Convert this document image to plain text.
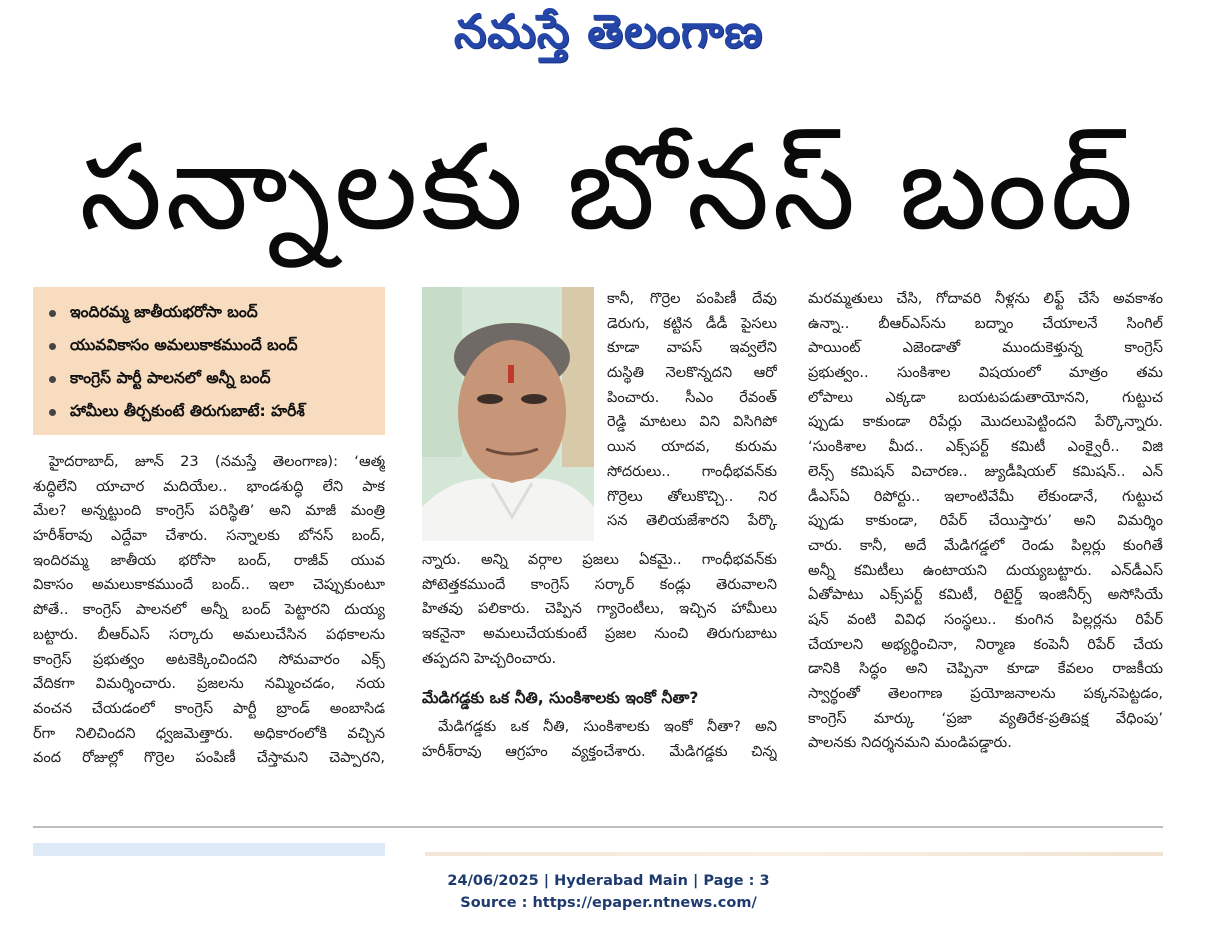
నమస్తే తెలంగాణ
సన్నాలకు బోనస్ బంద్
ఇందిరమ్మ జాతీయభరోసా బంద్
యువవికాసం అమలుకాకముందే బంద్
కాంగ్రెస్ పార్టీ పాలనలో అన్నీ బంద్
హామీలు తీర్చకుంటే తిరుగుబాటే: హరీశ్
హైదరాబాద్, జూన్ 23 (నమస్తే తెలంగాణ): ‘ఆత్మ
శుద్ధిలేని యాచార మదియేల.. భాండశుద్ధి లేని పాక
మేల? అన్నట్టుంది కాంగ్రెస్ పరిస్థితి’ అని మాజీ మంత్రి
హరీశ్‌రావు ఎద్దేవా చేశారు. సన్నాలకు బోనస్ బంద్,
ఇందిరమ్మ జాతీయ భరోసా బంద్, రాజీవ్ యువ
వికాసం అమలుకాకముందే బంద్.. ఇలా చెప్పుకుంటూ
పోతే.. కాంగ్రెస్ పాలనలో అన్నీ బంద్ పెట్టారని దుయ్య
బట్టారు. బీఆర్‌ఎస్ సర్కారు అమలుచేసిన పథకాలను
కాంగ్రెస్ ప్రభుత్వం అటకెక్కించిందని సోమవారం ఎక్స్
వేదికగా విమర్శించారు. ప్రజలను నమ్మించడం, నయ
వంచన చేయడంలో కాంగ్రెస్ పార్టీ బ్రాండ్ అంబాసిడ
ర్‌గా నిలిచిందని ధ్వజమెత్తారు. అధికారంలోకి వచ్చిన
వంద రోజుల్లో గొర్రెల పంపిణీ చేస్తామని చెప్పారని,
కానీ, గొర్రెల పంపిణీ దేవు
డెరుగు, కట్టిన డీడీ పైసలు
కూడా వాపస్ ఇవ్వలేని
దుస్థితి నెలకొన్నదని ఆరో
పించారు. సీఎం రేవంత్
రెడ్డి మాటలు విని విసిగిపో
యిన యాదవ, కురుమ
సోదరులు.. గాంధీభవన్‌కు
గొర్రెలు తోలుకొచ్చి.. నిర
సన తెలియజేశారని పేర్కొ
న్నారు. అన్ని వర్గాల ప్రజలు ఏకమై.. గాంధీభవన్‌కు
పోటెత్తకముందే కాంగ్రెస్ సర్కార్ కండ్లు తెరువాలని
హితవు పలికారు. చెప్పిన గ్యారెంటీలు, ఇచ్చిన హామీలు
ఇకనైనా అమలుచేయకుంటే ప్రజల నుంచి తిరుగుబాటు
తప్పదని హెచ్చరించారు.
మేడిగడ్డకు ఒక నీతి, సుంకిశాలకు ఇంకో నీతా?
మేడిగడ్డకు ఒక నీతి, సుంకిశాలకు ఇంకో నీతా? అని
హరీశ్‌రావు ఆగ్రహం వ్యక్తంచేశారు. మేడిగడ్డకు చిన్న
మరమ్మతులు చేసి, గోదావరి నీళ్లను లిఫ్ట్ చేసే అవకాశం
ఉన్నా.. బీఆర్‌ఎస్‌ను బద్నాం చేయాలనే సింగిల్
పాయింట్ ఎజెండాతో ముందుకెళ్తున్న కాంగ్రెస్
ప్రభుత్వం.. సుంకిశాల విషయంలో మాత్రం తమ
లోపాలు ఎక్కడా బయటపడుతాయోనని, గుట్టుచ
ప్పుడు కాకుండా రిపేర్లు మొదలుపెట్టిందని పేర్కొన్నారు.
‘సుంకిశాల మీద.. ఎక్స్‌పర్ట్ కమిటీ ఎంక్వైరీ.. విజి
లెన్స్ కమిషన్ విచారణ.. జ్యుడీషియల్ కమిషన్.. ఎన్
డీఎస్‌ఏ రిపోర్టు.. ఇలాంటివేమీ లేకుండానే, గుట్టుచ
ప్పుడు కాకుండా, రిపేర్ చేయిస్తారు’ అని విమర్శిం
చారు. కానీ, అదే మేడిగడ్డలో రెండు పిల్లర్లు కుంగితే
అన్నీ కమిటీలు ఉంటాయని దుయ్యబట్టారు. ఎన్‌డీఎస్
ఏతోపాటు ఎక్స్‌పర్ట్ కమిటీ, రిటైర్డ్ ఇంజినీర్స్ అసోసియే
షన్ వంటి వివిధ సంస్థలు.. కుంగిన పిల్లర్లను రిపేర్
చేయాలని అభ్యర్థించినా, నిర్మాణ కంపెనీ రిపేర్ చేయ
డానికి సిద్ధం అని చెప్పినా కూడా కేవలం రాజకీయ
స్వార్థంతో తెలంగాణ ప్రయోజనాలను పక్కనపెట్టడం,
కాంగ్రెస్ మార్కు ‘ప్రజా వ్యతిరేక-ప్రతిపక్ష వేధింపు’
పాలనకు నిదర్శనమని మండిపడ్డారు.
24/06/2025 | Hyderabad Main | Page : 3
Source : https://epaper.ntnews.com/
